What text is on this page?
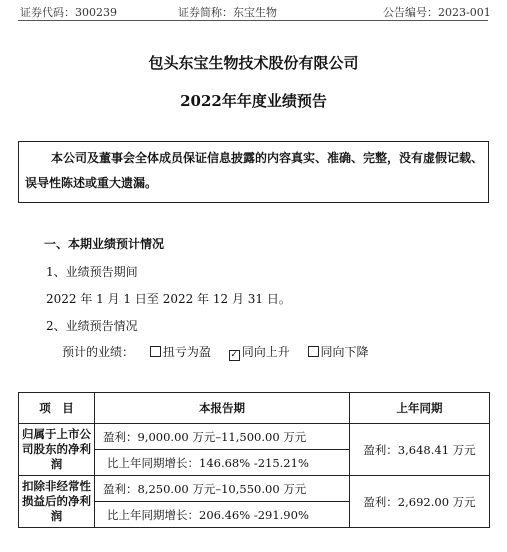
证券代码：300239	证券简称：东宝生物	公告编号：2023-001
包头东宝生物技术股份有限公司
2022年年度业绩预告
本公司及董事会全体成员保证信息披露的内容真实、准确、完整，没有虚假记载、误导性陈述或重大遗漏。
一、本期业绩预计情况
1、业绩预告期间
2022 年 1 月 1 日至 2022 年 12 月 31 日。
2、业绩预告情况
预计的业绩： 扭亏为盈 ✓ 同向上升	同向下降
项　目	本报告期	上年同期
归属于上市公司股东的净利润	盈利：9,000.00 万元–11,500.00 万元	盈利：3,648.41 万元
	比上年同期增长：146.68% -215.21%	
扣除非经常性损益后的净利润	盈利：8,250.00 万元–10,550.00 万元	盈利：2,692.00 万元
	比上年同期增长：206.46% -291.90%	
